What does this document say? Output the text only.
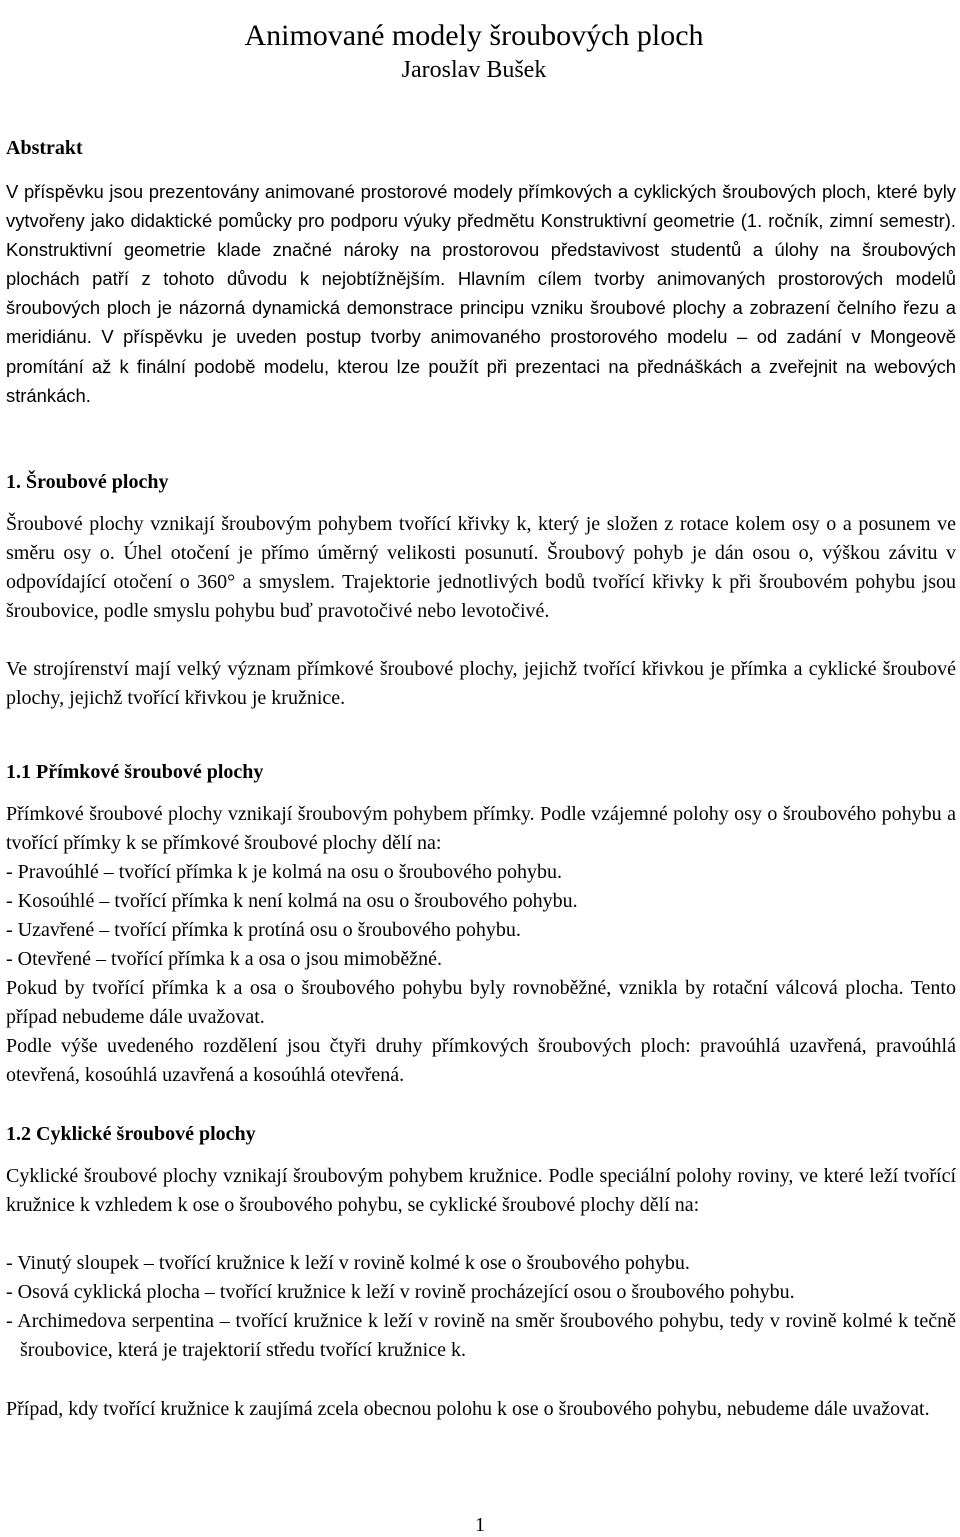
Animované modely šroubových ploch
Jaroslav Bušek
Abstrakt
V příspěvku jsou prezentovány animované prostorové modely přímkových a cyklických šroubových ploch, které byly vytvořeny jako didaktické pomůcky pro podporu výuky předmětu Konstruktivní geometrie (1. ročník, zimní semestr). Konstruktivní geometrie klade značné nároky na prostorovou představivost studentů a úlohy na šroubových plochách patří z tohoto důvodu k nejobtížnějším. Hlavním cílem tvorby animovaných prostorových modelů šroubových ploch je názorná dynamická demonstrace principu vzniku šroubové plochy a zobrazení čelního řezu a meridiánu. V příspěvku je uveden postup tvorby animovaného prostorového modelu – od zadání v Mongeově promítání až k finální podobě modelu, kterou lze použít při prezentaci na přednáškách a zveřejnit na webových stránkách.
1. Šroubové plochy
Šroubové plochy vznikají šroubovým pohybem tvořící křivky k, který je složen z rotace kolem osy o a posunem ve směru osy o. Úhel otočení je přímo úměrný velikosti posunutí. Šroubový pohyb je dán osou o, výškou závitu v odpovídající otočení o 360° a smyslem. Trajektorie jednotlivých bodů tvořící křivky k při šroubovém pohybu jsou šroubovice, podle smyslu pohybu buď pravotočivé nebo levotočivé.
Ve strojírenství mají velký význam přímkové šroubové plochy, jejichž tvořící křivkou je přímka a cyklické šroubové plochy, jejichž tvořící křivkou je kružnice.
1.1 Přímkové šroubové plochy
Přímkové šroubové plochy vznikají šroubovým pohybem přímky. Podle vzájemné polohy osy o šroubového pohybu a tvořící přímky k se přímkové šroubové plochy dělí na:
- Pravoúhlé – tvořící přímka k je kolmá na osu o šroubového pohybu.
- Kosoúhlé – tvořící přímka k není kolmá na osu o šroubového pohybu.
- Uzavřené – tvořící přímka k protíná osu o šroubového pohybu.
- Otevřené – tvořící přímka k a osa o jsou mimoběžné.
Pokud by tvořící přímka k a osa o šroubového pohybu byly rovnoběžné, vznikla by rotační válcová plocha. Tento případ nebudeme dále uvažovat.
Podle výše uvedeného rozdělení jsou čtyři druhy přímkových šroubových ploch: pravoúhlá uzavřená, pravoúhlá otevřená, kosoúhlá uzavřená a kosoúhlá otevřená.
1.2 Cyklické šroubové plochy
Cyklické šroubové plochy vznikají šroubovým pohybem kružnice. Podle speciální polohy roviny, ve které leží tvořící kružnice k vzhledem k ose o šroubového pohybu, se cyklické šroubové plochy dělí na:
- Vinutý sloupek – tvořící kružnice k leží v rovině kolmé k ose o šroubového pohybu.
- Osová cyklická plocha – tvořící kružnice k leží v rovině procházející osou o šroubového pohybu.
- Archimedova serpentina – tvořící kružnice k leží v rovině na směr šroubového pohybu, tedy v rovině kolmé k tečně šroubovice, která je trajektorií středu tvořící kružnice k.
Případ, kdy tvořící kružnice k zaujímá zcela obecnou polohu k ose o šroubového pohybu, nebudeme dále uvažovat.
1
